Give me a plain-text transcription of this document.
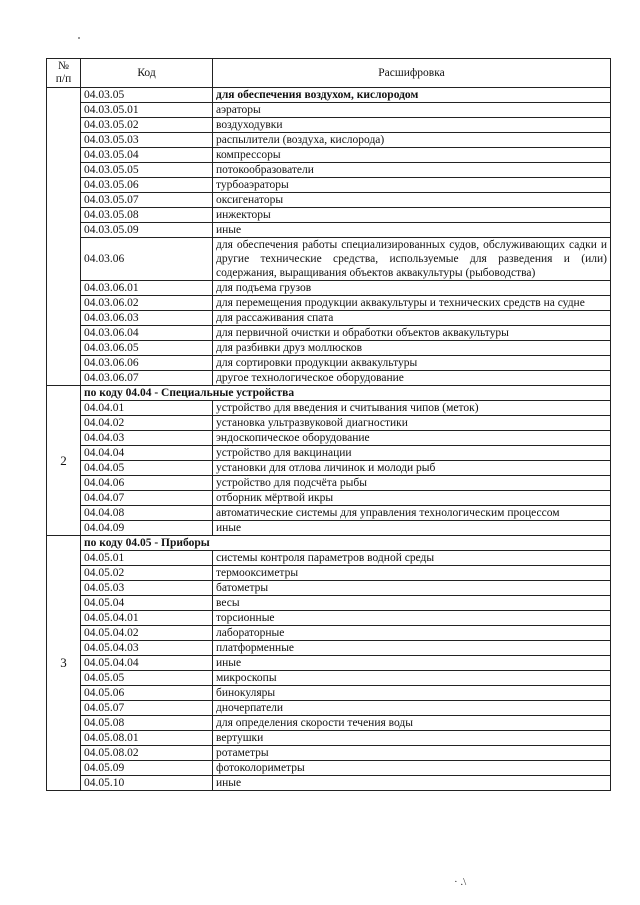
№
п/п	Код	Расшифровка
	04.03.05	для обеспечения воздухом, кислородом
	04.03.05.01	аэраторы
	04.03.05.02	воздуходувки
	04.03.05.03	распылители (воздуха, кислорода)
	04.03.05.04	компрессоры
	04.03.05.05	потокообразователи
	04.03.05.06	турбоаэраторы
	04.03.05.07	оксигенаторы
	04.03.05.08	инжекторы
	04.03.05.09	иные
	04.03.06	для обеспечения работы специализированных судов, обслуживающих садки и другие технические средства, используемые для разведения и (или) содержания, выращивания объектов аквакультуры (рыбоводства)
	04.03.06.01	для подъема грузов
	04.03.06.02	для перемещения продукции аквакультуры и технических средств на судне
	04.03.06.03	для рассаживания спата
	04.03.06.04	для первичной очистки и обработки объектов аквакультуры
	04.03.06.05	для разбивки друз моллюсков
	04.03.06.06	для сортировки продукции аквакультуры
	04.03.06.07	другое технологическое оборудование
2	по коду 04.04 - Специальные устройства	
	04.04.01	устройство для введения и считывания чипов (меток)
	04.04.02	установка ультразвуковой диагностики
	04.04.03	эндоскопическое оборудование
	04.04.04	устройство для вакцинации
	04.04.05	установки для отлова личинок и молоди рыб
	04.04.06	устройство для подсчёта рыбы
	04.04.07	отборник мёртвой икры
	04.04.08	автоматические системы для управления технологическим процессом
	04.04.09	иные
3	по коду 04.05 - Приборы	
	04.05.01	системы контроля параметров водной среды
	04.05.02	термооксиметры
	04.05.03	батометры
	04.05.04	весы
	04.05.04.01	торсионные
	04.05.04.02	лабораторные
	04.05.04.03	платформенные
	04.05.04.04	иные
	04.05.05	микроскопы
	04.05.06	бинокуляры
	04.05.07	дночерпатели
	04.05.08	для определения скорости течения воды
	04.05.08.01	вертушки
	04.05.08.02	ротаметры
	04.05.09	фотоколориметры
	04.05.10	иные
· .\
